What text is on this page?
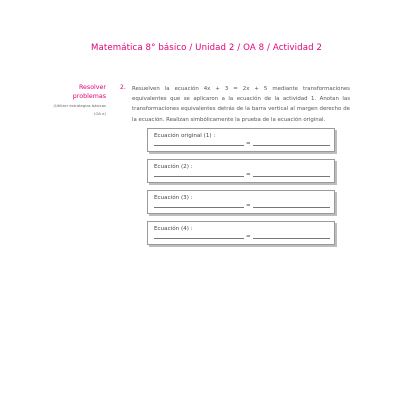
Matemática 8° básico / Unidad 2 / OA 8 / Actividad 2
Resolver
problemas
(Utilizar estrategias básicas
(OA e)
2. Resuelven la ecuación 4x + 3 = 2x + 5 mediante transformaciones equivalentes que se aplicaron a la ecuación de la actividad 1. Anotan las transformaciones equivalentes detrás de la barra vertical al margen derecho de la ecuación. Realizan simbólicamente la prueba de la ecuación original.
Ecuación original (1) :
=
Ecuación (2) :
=
Ecuación (3) :
=
Ecuación (4) :
=
